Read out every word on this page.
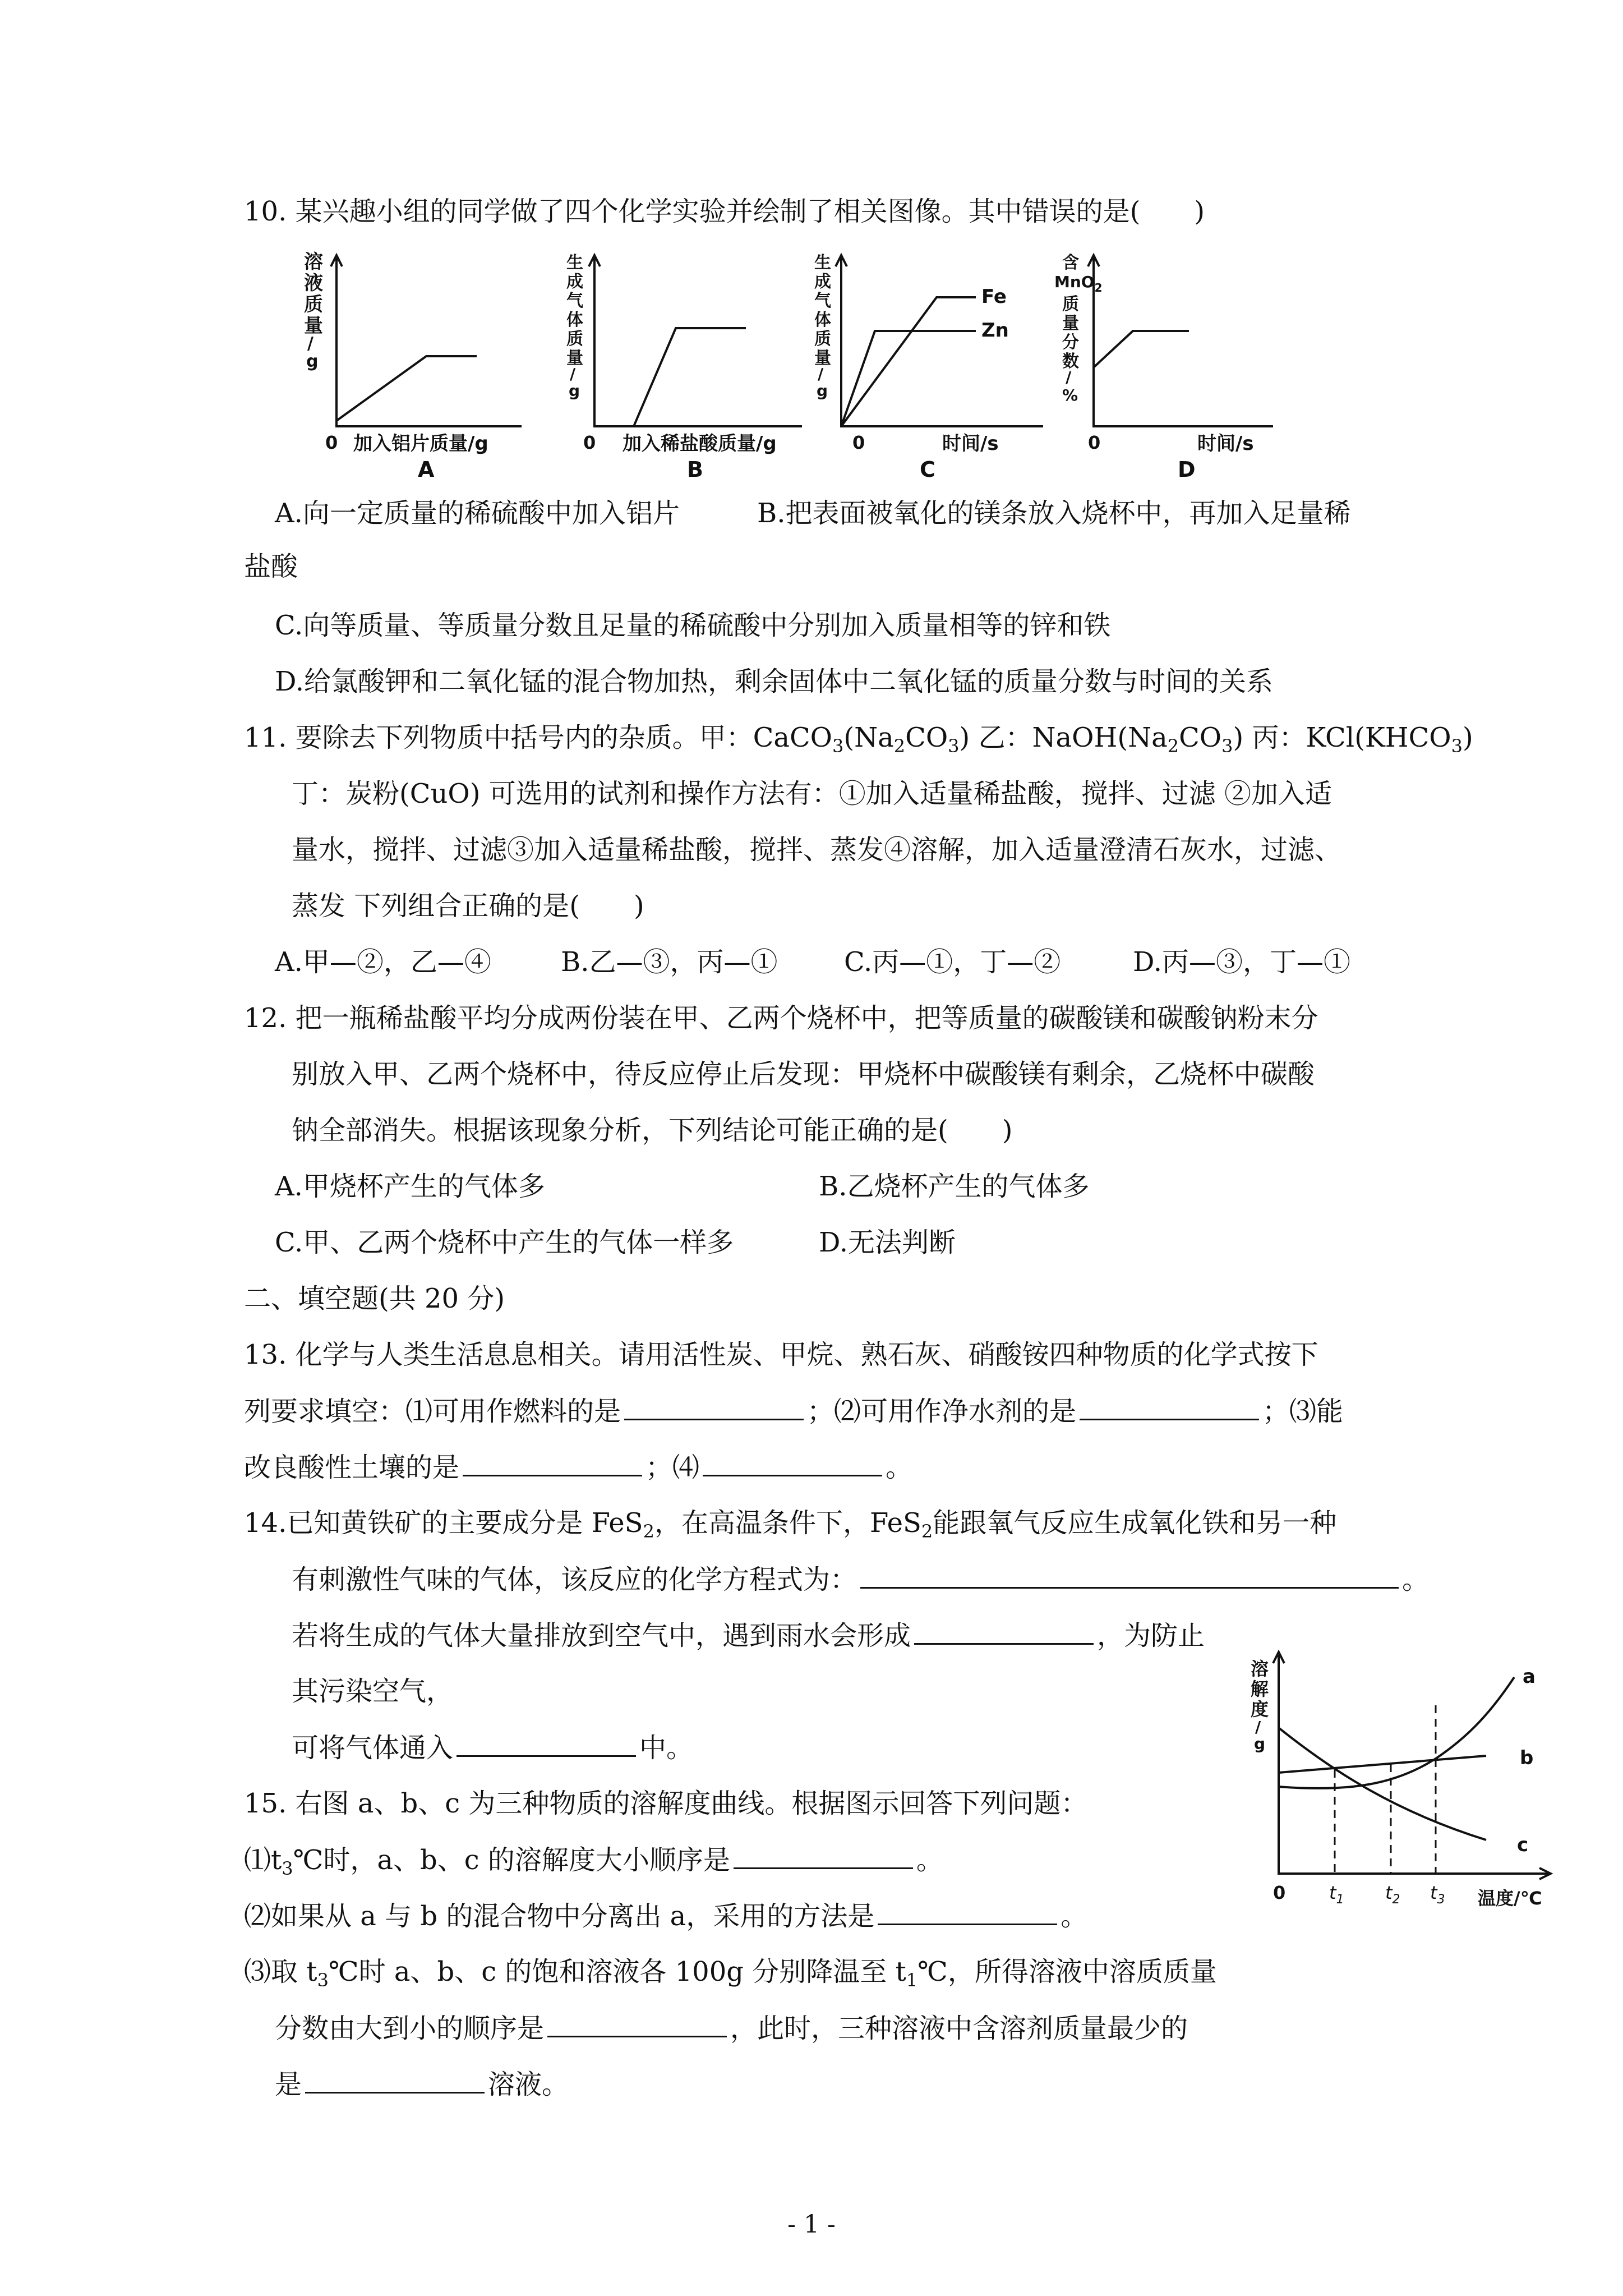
10. 某兴趣小组的同学做了四个化学实验并绘制了相关图像。其中错误的是(　　)
溶
液
质
量
/
g
0 加入铝片质量/g
A
生
成
气
体
质
量
/
g
0 加入稀盐酸质量/g
B
生
成
气
体
质
量
/
g
Fe
Zn
0	时间/s
C
含
MnO$_2$
质
量
分
数
/
%
0	时间/s
D
A.向一定质量的稀硫酸中加入铝片	B.把表面被氧化的镁条放入烧杯中，再加入足量稀
盐酸
C.向等质量、等质量分数且足量的稀硫酸中分别加入质量相等的锌和铁
D.给氯酸钾和二氧化锰的混合物加热，剩余固体中二氧化锰的质量分数与时间的关系
11. 要除去下列物质中括号内的杂质。甲：$CaCO_3(Na_2CO_3)$ 乙：$NaOH(Na_2CO_3)$ 丙：$KCl(KHCO_3)$
丁：炭粉(CuO) 可选用的试剂和操作方法有：①加入适量稀盐酸，搅拌、过滤 ②加入适
量水，搅拌、过滤③加入适量稀盐酸，搅拌、蒸发④溶解，加入适量澄清石灰水，过滤、
蒸发 下列组合正确的是(　　)
A.甲—②，乙—④	B.乙—③，丙—① C.丙—①，丁—②	D.丙—③，丁—①
12. 把一瓶稀盐酸平均分成两份装在甲、乙两个烧杯中，把等质量的碳酸镁和碳酸钠粉末分
别放入甲、乙两个烧杯中，待反应停止后发现：甲烧杯中碳酸镁有剩余，乙烧杯中碳酸
钠全部消失。根据该现象分析，下列结论可能正确的是(　　)
A.甲烧杯产生的气体多	B.乙烧杯产生的气体多
C.甲、乙两个烧杯中产生的气体一样多	D.无法判断
二、填空题(共 20 分)
13. 化学与人类生活息息相关。请用活性炭、甲烷、熟石灰、硝酸铵四种物质的化学式按下
列要求填空：⑴可用作燃料的是	；⑵可用作净水剂的是	；⑶能
改良酸性土壤的是	；⑷	。
14.已知黄铁矿的主要成分是 FeS$_2$，在高温条件下，FeS$_2$能跟氧气反应生成氧化铁和另一种
有刺激性气味的气体，该反应的化学方程式为：	。
若将生成的气体大量排放到空气中，遇到雨水会形成	，为防止
其污染空气，
可将气体通入	中。
15. 右图 a、b、c 为三种物质的溶解度曲线。根据图示回答下列问题：
$⑴t_3℃$时，a、b、c 的溶解度大小顺序是	。
⑵如果从 a 与 b 的混合物中分离出 a，采用的方法是	。
⑶取 $t_3℃$时 a、b、c 的饱和溶液各 100g 分别降温至 $t_1℃$，所得溶液中溶质质量
分数由大到小的顺序是	，此时，三种溶液中含溶剂质量最少的
是	溶液。
溶
解
度
/
g
a
b
c
0 $t_1$ $t_2$ $t_3$ 温度/℃
- 1 -
